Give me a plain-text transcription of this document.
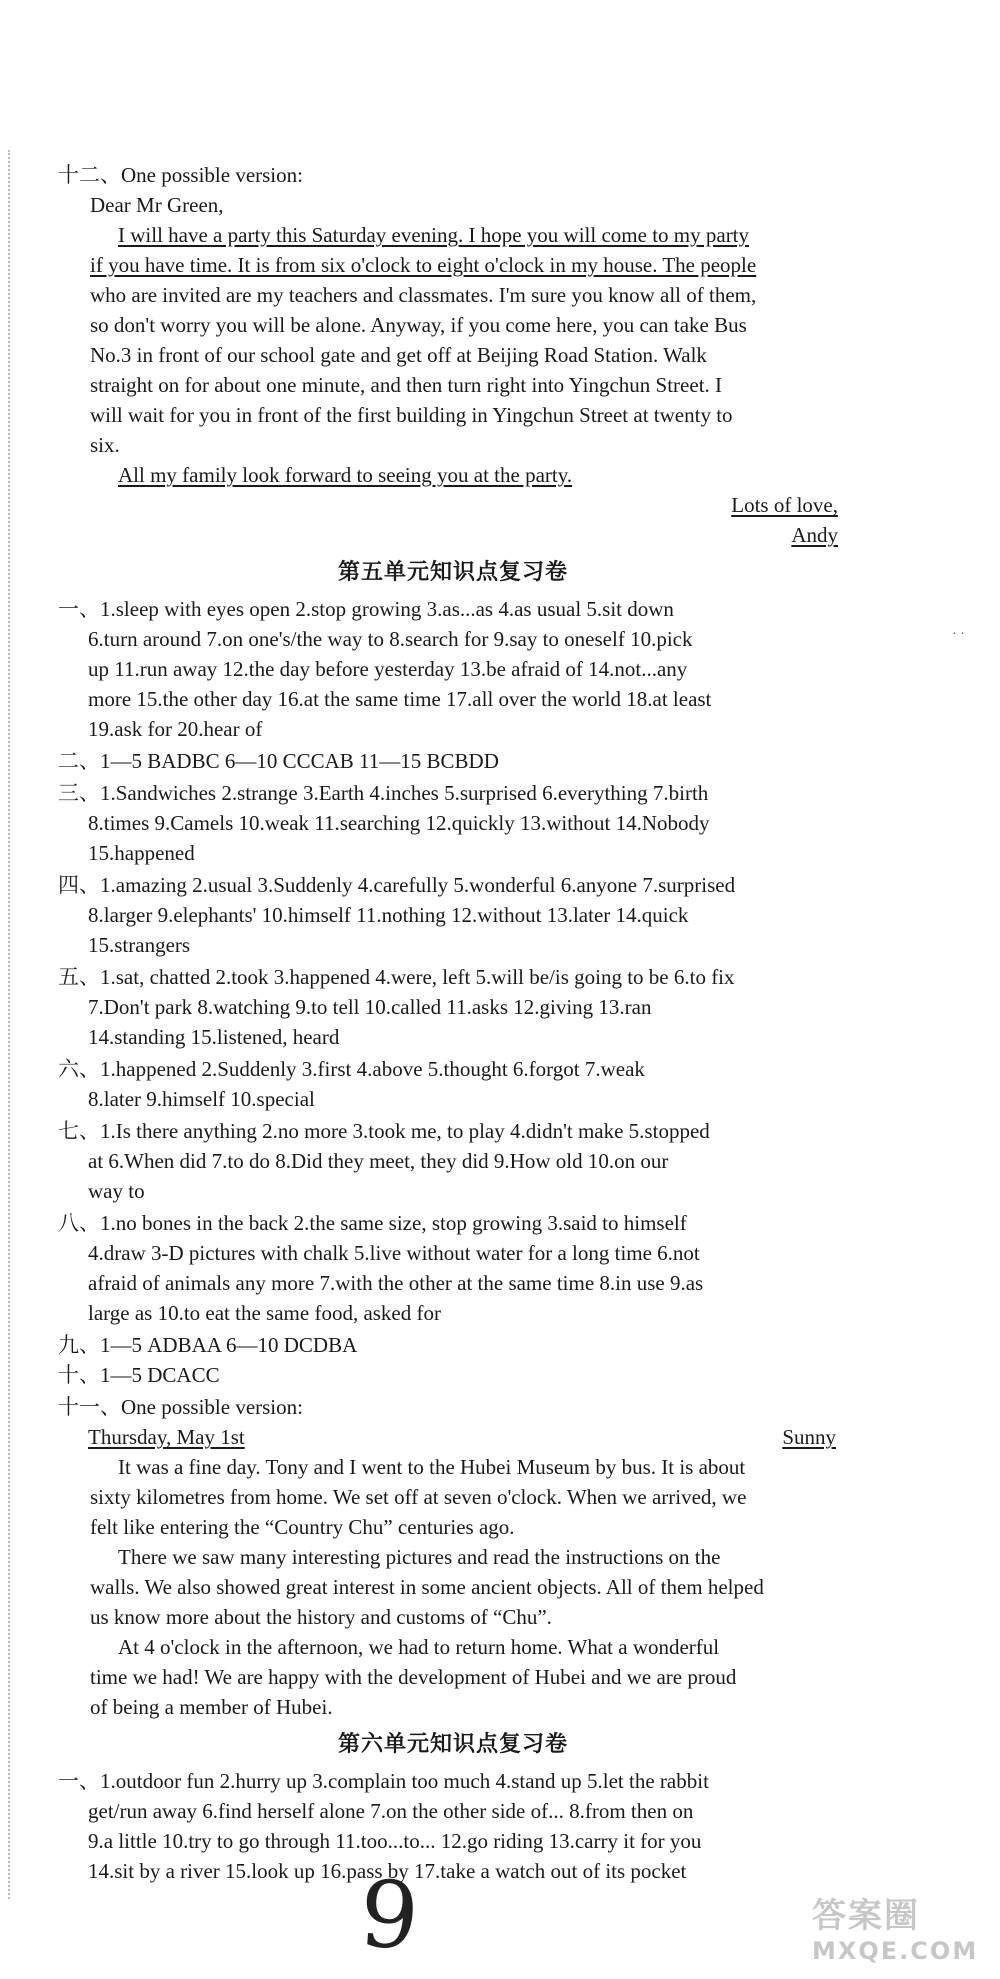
· ·
十二、One possible version:
Dear Mr Green,
I will have a party this Saturday evening. I hope you will come to my party
if you have time. It is from six o'clock to eight o'clock in my house. The people
who are invited are my teachers and classmates. I'm sure you know all of them,
so don't worry you will be alone. Anyway, if you come here, you can take Bus
No.3 in front of our school gate and get off at Beijing Road Station. Walk
straight on for about one minute, and then turn right into Yingchun Street. I
will wait for you in front of the first building in Yingchun Street at twenty to
six.
All my family look forward to seeing you at the party.
Lots of love,
Andy
第五单元知识点复习卷
一、1.sleep with eyes open 2.stop growing 3.as...as 4.as usual 5.sit down
6.turn around 7.on one's/the way to 8.search for 9.say to oneself 10.pick
up 11.run away 12.the day before yesterday 13.be afraid of 14.not...any
more 15.the other day 16.at the same time 17.all over the world 18.at least
19.ask for 20.hear of
二、1—5 BADBC 6—10 CCCAB 11—15 BCBDD
三、1.Sandwiches 2.strange 3.Earth 4.inches 5.surprised 6.everything 7.birth
8.times 9.Camels 10.weak 11.searching 12.quickly 13.without 14.Nobody
15.happened
四、1.amazing 2.usual 3.Suddenly 4.carefully 5.wonderful 6.anyone 7.surprised
8.larger 9.elephants' 10.himself 11.nothing 12.without 13.later 14.quick
15.strangers
五、1.sat, chatted 2.took 3.happened 4.were, left 5.will be/is going to be 6.to fix
7.Don't park 8.watching 9.to tell 10.called 11.asks 12.giving 13.ran
14.standing 15.listened, heard
六、1.happened 2.Suddenly 3.first 4.above 5.thought 6.forgot 7.weak
8.later 9.himself 10.special
七、1.Is there anything 2.no more 3.took me, to play 4.didn't make 5.stopped
at 6.When did 7.to do 8.Did they meet, they did 9.How old 10.on our
way to
八、1.no bones in the back 2.the same size, stop growing 3.said to himself
4.draw 3-D pictures with chalk 5.live without water for a long time 6.not
afraid of animals any more 7.with the other at the same time 8.in use 9.as
large as 10.to eat the same food, asked for
九、1—5 ADBAA 6—10 DCDBA
十、1—5 DCACC
十一、One possible version:
Thursday, May 1st	Sunny
It was a fine day. Tony and I went to the Hubei Museum by bus. It is about
sixty kilometres from home. We set off at seven o'clock. When we arrived, we
felt like entering the “Country Chu” centuries ago.
There we saw many interesting pictures and read the instructions on the
walls. We also showed great interest in some ancient objects. All of them helped
us know more about the history and customs of “Chu”.
At 4 o'clock in the afternoon, we had to return home. What a wonderful
time we had! We are happy with the development of Hubei and we are proud
of being a member of Hubei.
第六单元知识点复习卷
一、1.outdoor fun 2.hurry up 3.complain too much 4.stand up 5.let the rabbit
get/run away 6.find herself alone 7.on the other side of... 8.from then on
9.a little 10.try to go through 11.too...to... 12.go riding 13.carry it for you
14.sit by a river 15.look up 16.pass by 17.take a watch out of its pocket
9	答案圈
MXQE.COM
